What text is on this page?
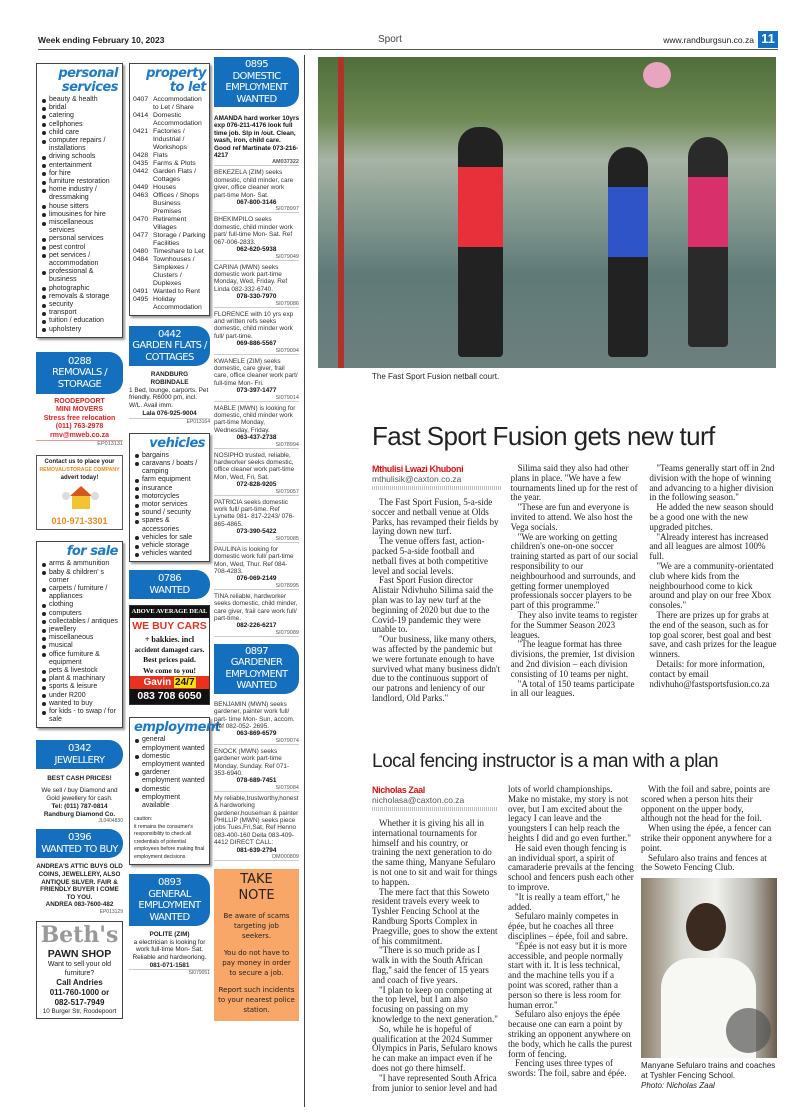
Week ending February 10, 2023	Sport	www.randburgsun.co.za 11
personal services
beauty & health
bridal
catering
cellphones
child care
computer repairs / installations
driving schools
entertainment
for hire
furniture restoration
home industry / dressmaking
house sitters
limousines for hire
miscellaneous services
personal services
pest control
pet services / accommodation
professional & business
photographic
removals & storage
security
transport
tuition / education
upholstery
0288
REMOVALS / STORAGE
ROODEPOORT
MINI MOVERS
Stress free relocation
(011) 763-2978
rmv@mweb.co.za
EP013131
Contact us to place your
REMOVAL/STORAGE COMPANY
advert today!
010-971-3301
for sale
arms & ammunition
baby & children' s corner
carpets / furniture / appliances
clothing
computers
collectables / antiques
jewellery
miscellaneous
musical
office furniture & equipment
pets & livestock
plant & machinary
sports & leisure
under R200
wanted to buy
for kids - to swap / for sale
0342
JEWELLERY
BEST CASH PRICES!
We sell / buy Diamond and Gold jewellery for cash.
Tel: (011) 787-0814
Randburg Diamond Co.
JL0404830
0396
WANTED TO BUY
ANDREA'S ATTIC BUYS OLD COINS, JEWELLERY, ALSO ANTIQUE SILVER. FAIR & FRIENDLY BUYER I COME TO YOU.
ANDREA 083-7600-482
EP013129
Beth's
PAWN SHOP
Want to sell your old furniture?
Call Andries
011-760-1000 or
082-517-7949
10 Burger Str, Roodepoort
property to let
0407 Accommodation to Let / Share
0414 Domestic Accommodation
0421 Factories / Industrial / Workshops
0428 Flats
0435 Farms & Plots
0442 Garden Flats / Cottages
0449 Houses
0463 Offices / Shops Business Premises
0470 Retirement Villages
0477 Storage / Parking Facilities
0480 Timeshare to Let
0484 Townhouses / Simplexes / Clusters / Duplexes
0491 Wanted to Rent
0495 Holiday Accommodation
0442
GARDEN FLATS / COTTAGES
RANDBURG
ROBINDALE
1 Bed, lounge, carports. Pet friendly. R6000 pm, incl. W/L. Avail imm.
Lala 076-925-9004
EP013164
vehicles
bargains
caravans / boats / camping
farm equipment
insurance
motorcycles
motor services
sound / security
spares & accessories
vehicles for sale
vehicle storage
vehicles wanted
0786
WANTED
ABOVE AVERAGE DEAL
WE BUY CARS
+ bakkies. incl
accident damaged cars.
Best prices paid.
We come to you!
Gavin 24/7
083 708 6050
employment
general employment wanted
domestic employment wanted
gardener employment wanted
domestic employment available
caution:
it remains the consumer's responsibility to check all credentials of potential employees before making final employment decisions
0893
GENERAL EMPLOYMENT WANTED
POLITE (ZIM)
a electrician is looking for work full-time Mon- Sat. Reliable and hardworking.
081-071-1581
SI079051
0895
DOMESTIC EMPLOYMENT WANTED
AMANDA hard worker 10yrs exp 076-211-4176 look full time job. Slp in /out. Clean, wash, iron, child care. Good ref Martinate 073-216-4217
AM037322
BEKEZELA (ZIM) seeks domestic, child minder, care giver, office cleaner work part-time Mon- Sat.
067-800-3146
SI078997
BHEKIMPILO seeks domestic, child minder work part/ full-time Mon- Sat. Ref 067-006-2833.
062-620-5938
SI079049
CARINA (MWN) seeks domestic work part-time Monday, Wed, Friday. Ref Linda 082-332-6740.
078-330-7970
SI079086
FLORENCE with 10 yrs exp and written refs seeks domestic, child minder work full/ part-time.
069-886-5567
SI079094
KWANELE (ZIM) seeks domestic, care giver, frail care, office cleaner work part/ full-time Mon- Fri.
073-397-1477
SI079014
MABLE (MWN) is looking for domestic, child minder work part-time Monday, Wednesday, Friday.
063-437-2738
SI078994
NOSIPHO trusted, reliable, hardworker seeks domestic, office cleaner work part-time Mon, Wed, Fri, Sat.
072-828-9205
SI079057
PATRICIA seeks domestic work full/ part-time. Ref Lynette 081- 817-2243/ 076-865-4865.
073-390-5422
SI079085
PAULINA is looking for domestic work full/ part-time Mon, Wed, Thur. Ref 084-708-4283.
076-069-2149
SI078995
TINA reliable, hardworker seeks domestic, child minder, care giver, frail care work full/ part-time.
082-226-6217
SI079089
0897
GARDENER EMPLOYMENT WANTED
BENJAMIN (MWN) seeks gardener, painter work full/ part- time Mon- Sun, accom. Ref 082-052- 2695.
063-869-6579
SI079074
ENOCK (MWN) seeks gardener work part-time Monday, Sunday. Ref 071-353-6940.
078-689-7451
SI079084
My reliable,trustworthy,honest & hardworking gardener,houseman & painter PHILLIP (MWN) seeks piece jobs Tues,Fri,Sat, Ref Henno 083-400-160 Della 083-409-4412 DIRECT CALL:
081-639-2794
DM000809
TAKE NOTE
Be aware of scams targeting job seekers.
You do not have to pay money in order to secure a job.
Report such incidents to your nearest police station.
The Fast Sport Fusion netball court.
Fast Sport Fusion gets new turf
Mthulisi Lwazi Khuboni
mthulisik@caxton.co.za

The Fast Sport Fusion, 5-a-side soccer and netball venue at Olds Parks, has revamped their fields by laying down new turf.

The venue offers fast, action-packed 5-a-side football and netball fives at both competitive level and social levels.

Fast Sport Fusion director Alistair Ndivhuho Silima said the plan was to lay new turf at the beginning of 2020 but due to the Covid-19 pandemic they were unable to.

"Our business, like many others, was affected by the pandemic but we were fortunate enough to have survived what many business didn't due to the continuous support of our patrons and leniency of our landlord, Old Parks."

Silima said they also had other plans in place. "We have a few tournaments lined up for the rest of the year.

"These are fun and everyone is invited to attend. We also host the Vega socials.

"We are working on getting children's one-on-one soccer training started as part of our social responsibility to our neighbourhood and surrounds, and getting former unemployed professionals soccer players to be part of this programme."

They also invite teams to register for the Summer Season 2023 leagues.

"The league format has three divisions, the premier, 1st division and 2nd division – each division consisting of 10 teams per night.

"A total of 150 teams participate in all our leagues.

"Teams generally start off in 2nd division with the hope of winning and advancing to a higher division in the following season."

He added the new season should be a good one with the new upgraded pitches.

"Already interest has increased and all leagues are almost 100% full.

"We are a community-orientated club where kids from the neighbourhood come to kick around and play on our free Xbox consoles."

There are prizes up for grabs at the end of the season, such as for top goal scorer, best goal and best save, and cash prizes for the league winners.

Details: for more information, contact by email ndivhuho@fastsportsfusion.co.za

Local fencing instructor is a man with a plan
Nicholas Zaal
nicholasa@caxton.co.za

Whether it is giving his all in international tournaments for himself and his country, or training the next generation to do the same thing, Manyane Sefularo is not one to sit and wait for things to happen.

The mere fact that this Soweto resident travels every week to Tyshler Fencing School at the Randburg Sports Complex in Praegville, goes to show the extent of his commitment.

"There is so much pride as I walk in with the South African flag," said the fencer of 15 years and coach of five years.

"I plan to keep on competing at the top level, but I am also focusing on passing on my knowledge to the next generation."

So, while he is hopeful of qualification at the 2024 Summer Olympics in Paris, Sefularo knows he can make an impact even if he does not go there himself.

"I have represented South Africa from junior to senior level and had lots of world championships. Make no mistake, my story is not over, but I am excited about the legacy I can leave and the youngsters I can help reach the heights I did and go even further."

He said even though fencing is an individual sport, a spirit of camaraderie prevails at the fencing school and fencers push each other to improve.

"It is really a team effort," he added.

Sefularo mainly competes in épée, but he coaches all three disciplines – épée, foil and sabre.

"Épée is not easy but it is more accessible, and people normally start with it. It is less technical, and the machine tells you if a point was scored, rather than a person so there is less room for human error."

Sefularo also enjoys the épée because one can earn a point by striking an opponent anywhere on the body, which he calls the purest form of fencing.

Fencing uses three types of swords: The foil, sabre and épée.

With the foil and sabre, points are scored when a person hits their opponent on the upper body, although not the head for the foil.

When using the épée, a fencer can strike their opponent anywhere for a point.

Sefularo also trains and fences at the Soweto Fencing Club.

Manyane Sefularo trains and coaches at Tyshler Fencing School.
Photo: Nicholas Zaal
